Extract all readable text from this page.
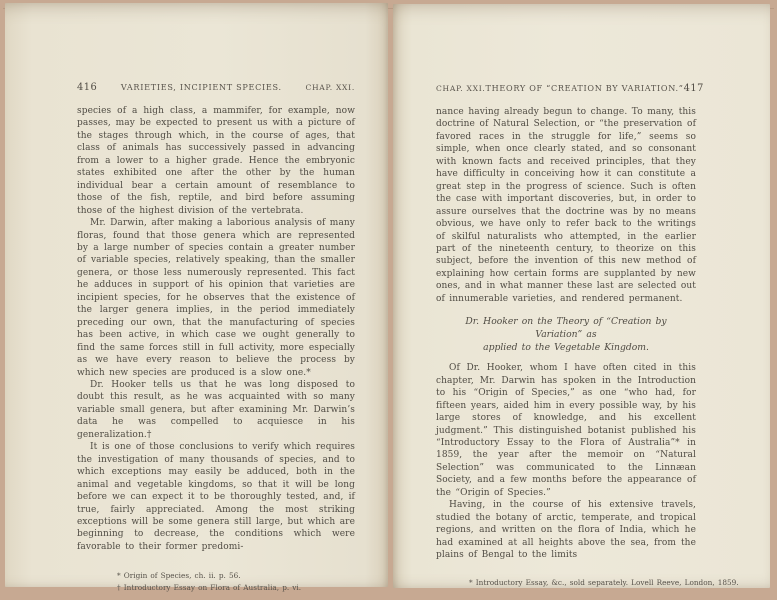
416	VARIETIES, INCIPIENT SPECIES.	CHAP. XXI.

species of a high class, a mammifer, for example, now passes, may be expected to present us with a picture of the stages through which, in the course of ages, that class of animals has successively passed in advancing from a lower to a higher grade. Hence the embryonic states exhibited one after the other by the human individual bear a certain amount of resemblance to those of the fish, reptile, and bird before assuming those of the highest division of the vertebrata.

Mr. Darwin, after making a laborious analysis of many floras, found that those genera which are represented by a large number of species contain a greater number of variable species, relatively speaking, than the smaller genera, or those less numerously represented. This fact he adduces in support of his opinion that varieties are incipient species, for he observes that the existence of the larger genera implies, in the period immediately preceding our own, that the manufacturing of species has been active, in which case we ought generally to find the same forces still in full activity, more especially as we have every reason to believe the process by which new species are produced is a slow one.*

Dr. Hooker tells us that he was long disposed to doubt this result, as he was acquainted with so many variable small genera, but after examining Mr. Darwin’s data he was compelled to acquiesce in his generalization.†

It is one of those conclusions to verify which requires the investigation of many thousands of species, and to which exceptions may easily be adduced, both in the animal and vegetable kingdoms, so that it will be long before we can expect it to be thoroughly tested, and, if true, fairly appreciated. Among the most striking exceptions will be some genera still large, but which are beginning to decrease, the conditions which were favorable to their former predomi-

* Origin of Species, ch. ii. p. 56.
† Introductory Essay on Flora of Australia, p. vi.
CHAP. XXI. THEORY OF “CREATION BY VARIATION.” 417

nance having already begun to change. To many, this doctrine of Natural Selection, or “the preservation of favored races in the struggle for life,” seems so simple, when once clearly stated, and so consonant with known facts and received principles, that they have difficulty in conceiving how it can constitute a great step in the progress of science. Such is often the case with important discoveries, but, in order to assure ourselves that the doctrine was by no means obvious, we have only to refer back to the writings of skilful naturalists who attempted, in the earlier part of the nineteenth century, to theorize on this subject, before the invention of this new method of explaining how certain forms are supplanted by new ones, and in what manner these last are selected out of innumerable varieties, and rendered permanent.

Dr. Hooker on the Theory of “Creation by Variation” as
applied to the Vegetable Kingdom.

Of Dr. Hooker, whom I have often cited in this chapter, Mr. Darwin has spoken in the Introduction to his “Origin of Species,” as one “who had, for fifteen years, aided him in every possible way, by his large stores of knowledge, and his excellent judgment.” This distinguished botanist published his “Introductory Essay to the Flora of Australia”* in 1859, the year after the memoir on “Natural Selection” was communicated to the Linnæan Society, and a few months before the appearance of the “Origin of Species.”

Having, in the course of his extensive travels, studied the botany of arctic, temperate, and tropical regions, and written on the flora of India, which he had examined at all heights above the sea, from the plains of Bengal to the limits

* Introductory Essay, &c., sold separately. Lovell Reeve, London, 1859.
